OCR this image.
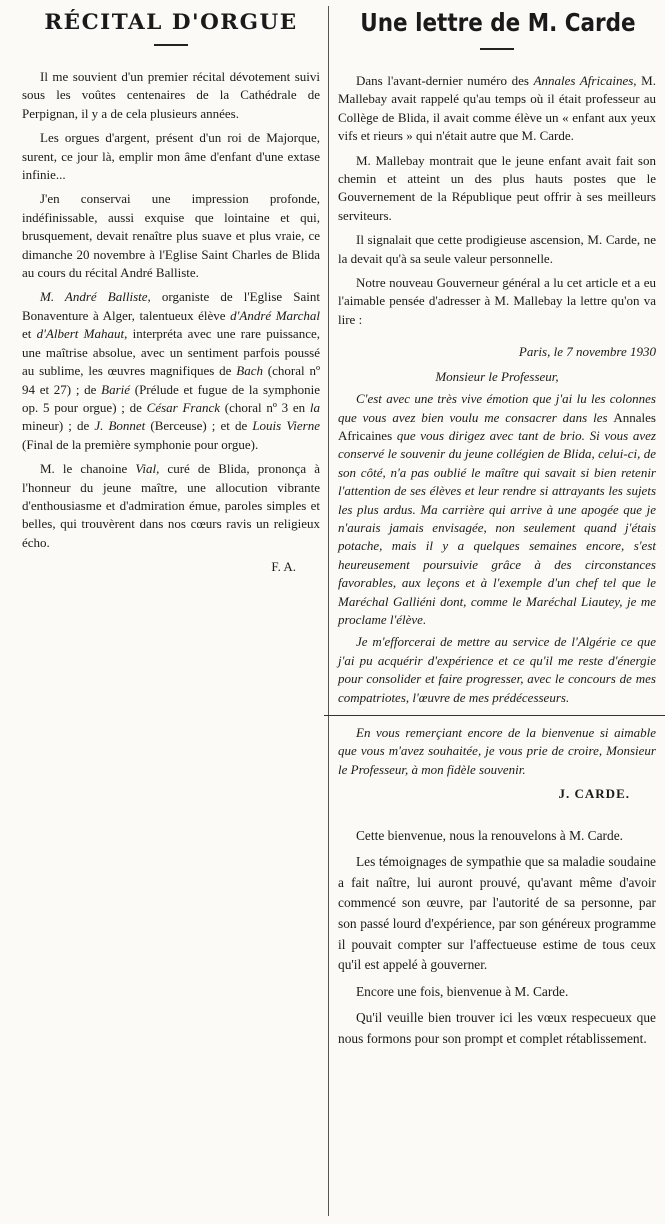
RÉCITAL D'ORGUE

Il me souvient d'un premier récital dévotement suivi sous les voûtes centenaires de la Cathédrale de Perpignan, il y a de cela plusieurs années.

Les orgues d'argent, présent d'un roi de Majorque, surent, ce jour là, emplir mon âme d'enfant d'une extase infinie...

J'en conservai une impression profonde, indéfinissable, aussi exquise que lointaine et qui, brusquement, devait renaître plus suave et plus vraie, ce dimanche 20 novembre à l'Eglise Saint Charles de Blida au cours du récital André Balliste.

M. André Balliste, organiste de l'Eglise Saint Bonaventure à Alger, talentueux élève d'André Marchal et d'Albert Mahaut, interpréta avec une rare puissance, une maîtrise absolue, avec un sentiment parfois poussé au sublime, les œuvres magnifiques de Bach (choral nº 94 et 27) ; de Barié (Prélude et fugue de la symphonie op. 5 pour orgue) ; de César Franck (choral nº 3 en la mineur) ; de J. Bonnet (Berceuse) ; et de Louis Vierne (Final de la première symphonie pour orgue).

M. le chanoine Vial, curé de Blida, prononça à l'honneur du jeune maître, une allocution vibrante d'enthousiasme et d'admiration émue, paroles simples et belles, qui trouvèrent dans nos cœurs ravis un religieux écho.

F. A.

Une lettre de M. Carde

Dans l'avant-dernier numéro des Annales Africaines, M. Mallebay avait rappelé qu'au temps où il était professeur au Collège de Blida, il avait comme élève un « enfant aux yeux vifs et rieurs » qui n'était autre que M. Carde.

M. Mallebay montrait que le jeune enfant avait fait son chemin et atteint un des plus hauts postes que le Gouvernement de la République peut offrir à ses meilleurs serviteurs.

Il signalait que cette prodigieuse ascension, M. Carde, ne la devait qu'à sa seule valeur personnelle.

Notre nouveau Gouverneur général a lu cet article et a eu l'aimable pensée d'adresser à M. Mallebay la lettre qu'on va lire :

Paris, le 7 novembre 1930

Monsieur le Professeur,

C'est avec une très vive émotion que j'ai lu les colonnes que vous avez bien voulu me consacrer dans les Annales Africaines que vous dirigez avec tant de brio. Si vous avez conservé le souvenir du jeune collégien de Blida, celui-ci, de son côté, n'a pas oublié le maître qui savait si bien retenir l'attention de ses élèves et leur rendre si attrayants les sujets les plus ardus. Ma carrière qui arrive à une apogée que je n'aurais jamais envisagée, non seulement quand j'étais potache, mais il y a quelques semaines encore, s'est heureusement poursuivie grâce à des circonstances favorables, aux leçons et à l'exemple d'un chef tel que le Maréchal Galliéni dont, comme le Maréchal Liautey, je me proclame l'élève.

Je m'efforcerai de mettre au service de l'Algérie ce que j'ai pu acquérir d'expérience et ce qu'il me reste d'énergie pour consolider et faire progresser, avec le concours de mes compatriotes, l'œuvre de mes prédécesseurs.

En vous remerçiant encore de la bienvenue si aimable que vous m'avez souhaitée, je vous prie de croire, Monsieur le Professeur, à mon fidèle souvenir.

J. CARDE.

Cette bienvenue, nous la renouvelons à M. Carde.

Les témoignages de sympathie que sa maladie soudaine a fait naître, lui auront prouvé, qu'avant même d'avoir commencé son œuvre, par l'autorité de sa personne, par son passé lourd d'expérience, par son généreux programme il pouvait compter sur l'affectueuse estime de tous ceux qu'il est appelé à gouverner.

Encore une fois, bienvenue à M. Carde.

Qu'il veuille bien trouver ici les vœux respecueux que nous formons pour son prompt et complet rétablissement.
